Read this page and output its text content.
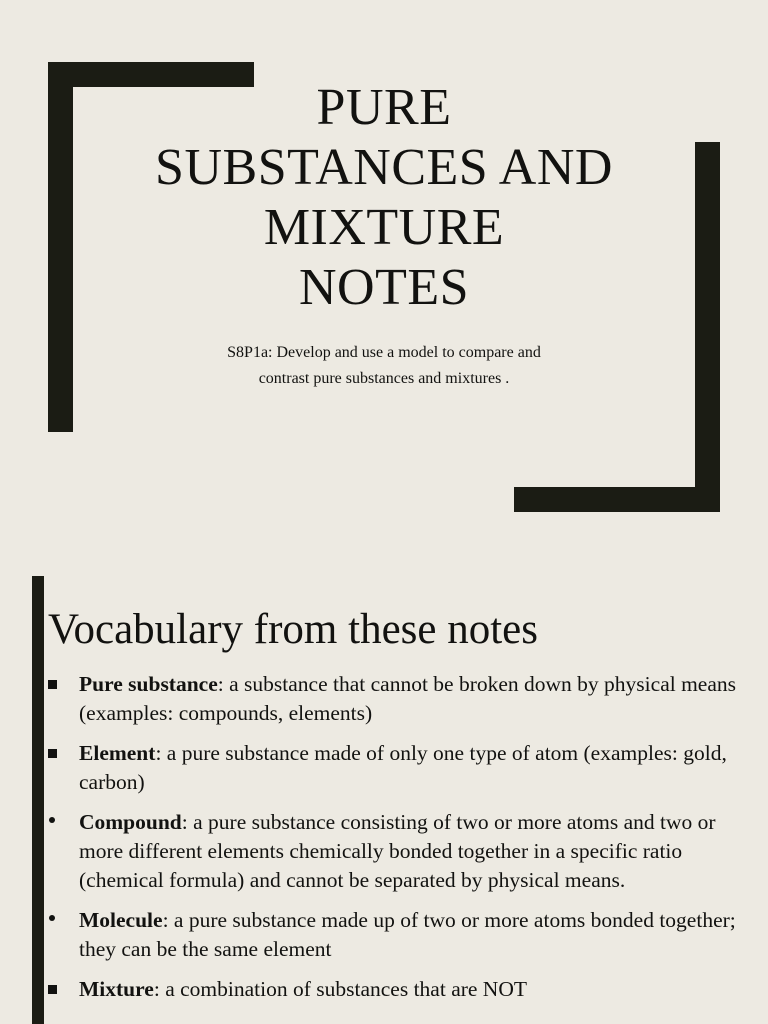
PURE
SUBSTANCES AND
MIXTURE
NOTES

S8P1a: Develop and use a model to compare and
contrast pure substances and mixtures .

Vocabulary from these notes
Pure substance: a substance that cannot be broken down by physical means (examples: compounds, elements)
Element: a pure substance made of only one type of atom (examples: gold, carbon)
Compound: a pure substance consisting of two or more atoms and two or more different elements chemically bonded together in a specific ratio (chemical formula) and cannot be separated by physical means.
Molecule: a pure substance made up of two or more atoms bonded together; they can be the same element
Mixture: a combination of substances that are NOT
